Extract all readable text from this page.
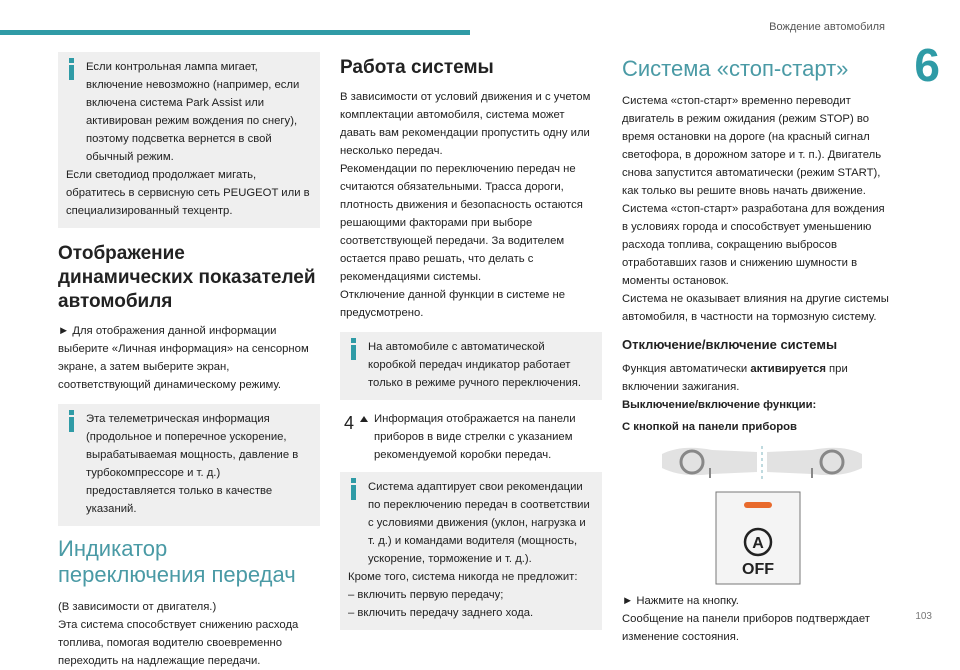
Вождение автомобиля
6

Если контрольная лампа мигает, включение невозможно (например, если включена система Park Assist или активирован режим вождения по снегу), поэтому подсветка вернется в свой обычный режим.

Если светодиод продолжает мигать, обратитесь в сервисную сеть PEUGEOT или в специализированный техцентр.

Отображение динамических показателей автомобиля

► Для отображения данной информации выберите «Личная информация» на сенсорном экране, а затем выберите экран, соответствующий динамическому режиму.

Эта телеметрическая информация (продольное и поперечное ускорение, вырабатываемая мощность, давление в турбокомпрессоре и т. д.) предоставляется только в качестве указаний.

Индикатор переключения передач

(В зависимости от двигателя.)

Эта система способствует снижению расхода топлива, помогая водителю своевременно переходить на надлежащие передачи.

Работа системы

В зависимости от условий движения и с учетом комплектации автомобиля, система может давать вам рекомендации пропустить одну или несколько передач.

Рекомендации по переключению передач не считаются обязательными. Трасса дороги, плотность движения и безопасность остаются решающими факторами при выборе соответствующей передачи. За водителем остается право решать, что делать с рекомендациями системы.

Отключение данной функции в системе не предусмотрено.

На автомобиле с автоматической коробкой передач индикатор работает только в режиме ручного переключения.

4	Информация отображается на панели приборов в виде стрелки с указанием рекомендуемой коробки передач.

Система адаптирует свои рекомендации по переключению передач в соответствии с условиями движения (уклон, нагрузка и т. д.) и командами водителя (мощность, ускорение, торможение и т. д.).

Кроме того, система никогда не предложит:

– включить первую передачу;

– включить передачу заднего хода.

Система «стоп-старт»

Система «стоп-старт» временно переводит двигатель в режим ожидания (режим STOP) во время остановки на дороге (на красный сигнал светофора, в дорожном заторе и т. п.). Двигатель снова запустится автоматически (режим START), как только вы решите вновь начать движение.

Система «стоп-старт» разработана для вождения в условиях города и способствует уменьшению расхода топлива, сокращению выбросов отработавших газов и снижению шумности в моменты остановок.

Система не оказывает влияния на другие системы автомобиля, в частности на тормозную систему.

Отключение/включение системы

Функция автоматически активируется при включении зажигания.

Выключение/включение функции:

С кнопкой на панели приборов

A
OFF

► Нажмите на кнопку.

Сообщение на панели приборов подтверждает изменение состояния.

103
